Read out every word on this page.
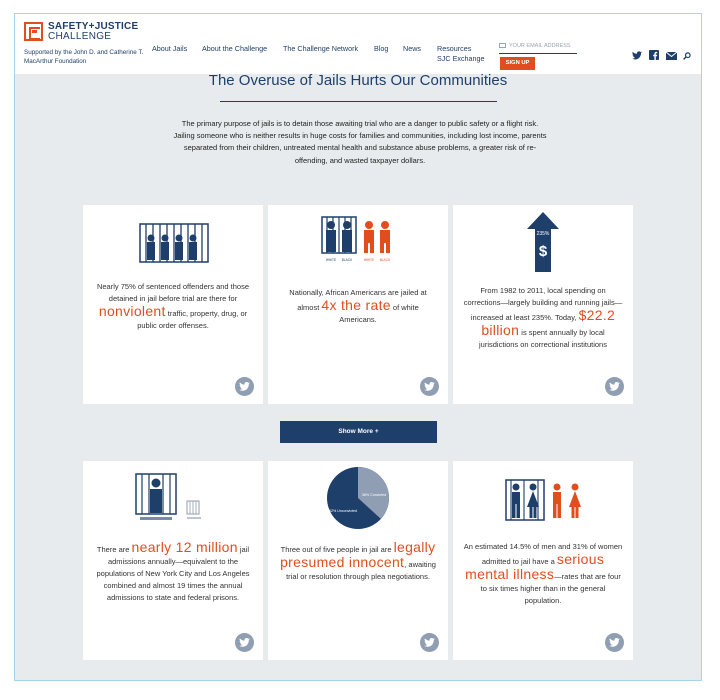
SAFETY+JUSTICE
CHALLENGE
Supported by the John D. and Catherine T. MacArthur Foundation
About Jails About the Challenge The Challenge Network Blog News Resources
SJC Exchange
YOUR EMAIL ADDRESS
SIGN UP
The Overuse of Jails Hurts Our Communities
The primary purpose of jails is to detain those awaiting trial who are a danger to public safety or a flight risk. Jailing someone who is neither results in huge costs for families and communities, including lost income, parents separated from their children, untreated mental health and substance abuse problems, a greater risk of re-offending, and wasted taxpayer dollars.
Nearly 75% of sentenced offenders and those detained in jail before trial are there for nonviolent traffic, property, drug, or public order offenses.
WHITE BLACK	WHITE BLACK
Nationally, African Americans are jailed at almost 4x the rate of white Americans.
235%
$
From 1982 to 2011, local spending on corrections—largely building and running jails—increased at least 235%. Today, $22.2 billion is spent annually by local jurisdictions on correctional institutions
Show More +
There are nearly 12 million jail admissions annually—equivalent to the populations of New York City and Los Angeles combined and almost 19 times the annual admissions to state and federal prisons.
38% Convicted
62% Unconvicted
Three out of five people in jail are legally presumed innocent, awaiting trial or resolution through plea negotiations.
An estimated 14.5% of men and 31% of women admitted to jail have a serious mental illness—rates that are four to six times higher than in the general population.
